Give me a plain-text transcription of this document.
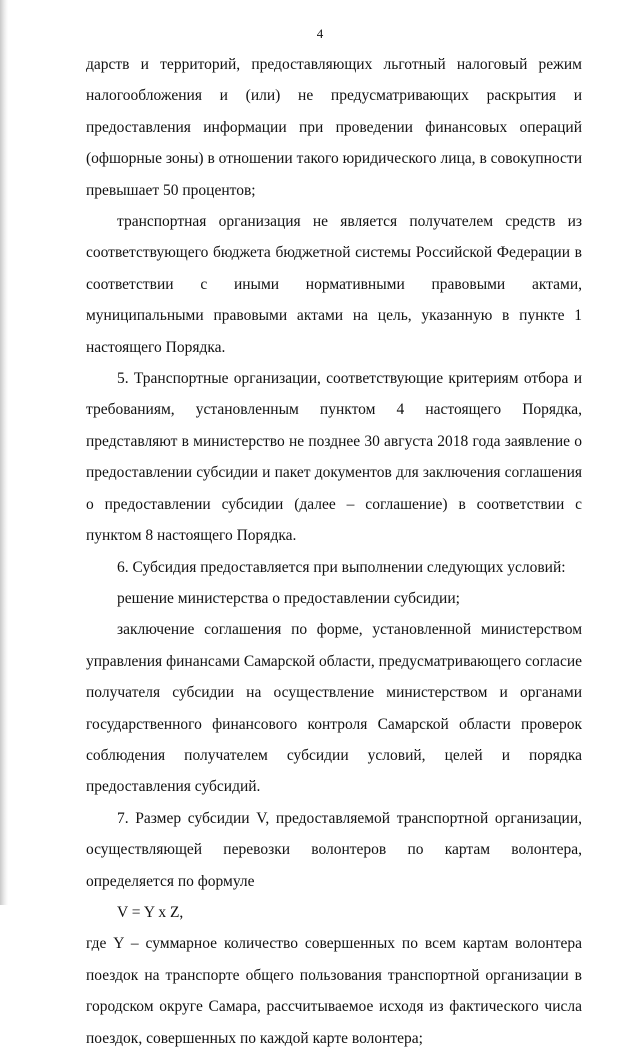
4

дарств и территорий, предоставляющих льготный налоговый режим налогообложения и (или) не предусматривающих раскрытия и предоставления информации при проведении финансовых операций (офшорные зоны) в отношении такого юридического лица, в совокупности превышает 50 процентов;

транспортная организация не является получателем средств из соответствующего бюджета бюджетной системы Российской Федерации в соответствии с иными нормативными правовыми актами, муниципальными правовыми актами на цель, указанную в пункте 1 настоящего Порядка.

5. Транспортные организации, соответствующие критериям отбора и требованиям, установленным пунктом 4 настоящего Порядка, представляют в министерство не позднее 30 августа 2018 года заявление о предоставлении субсидии и пакет документов для заключения соглашения о предоставлении субсидии (далее – соглашение) в соответствии с пунктом 8 настоящего Порядка.

6. Субсидия предоставляется при выполнении следующих условий:

решение министерства о предоставлении субсидии;

заключение соглашения по форме, установленной министерством управления финансами Самарской области, предусматривающего согласие получателя субсидии на осуществление министерством и органами государственного финансового контроля Самарской области проверок соблюдения получателем субсидии условий, целей и порядка предоставления субсидий.

7. Размер субсидии V, предоставляемой транспортной организации, осуществляющей перевозки волонтеров по картам волонтера, определяется по формуле

V = Y x Z,

где Y – суммарное количество совершенных по всем картам волонтера поездок на транспорте общего пользования транспортной организации в городском округе Самара, рассчитываемое исходя из фактического числа поездок, совершенных по каждой карте волонтера;
